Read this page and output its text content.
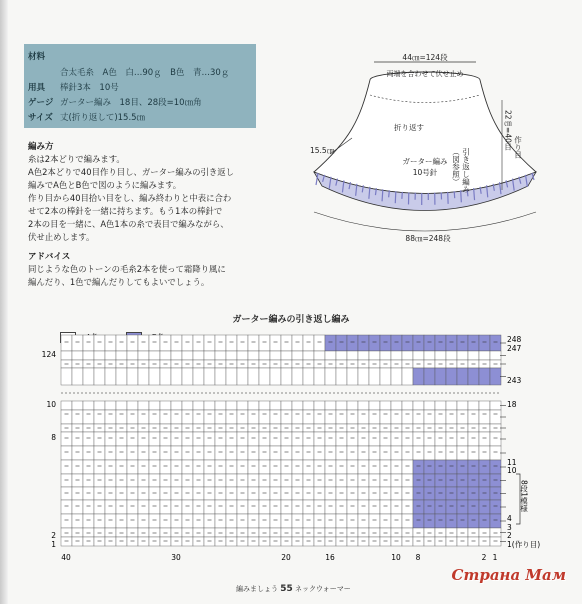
材料
合太毛糸　A色　白…90ｇ　B色　青…30ｇ
用具 棒針3本　10号
ゲージ ガーター編み　18目、28段=10㎝角
サイズ 丈(折り返して)15.5㎝
編み方
糸は2本どりで編みます。
A色2本どりで40目作り目し、ガーター編みの引き返し
編みでA色とB色で図のように編みます。
作り目から40目拾い目をし、編み終わりと中表に合わ
せて2本の棒針を一緒に持ちます。もう1本の棒針で
2本の目を一緒に、A色1本の糸で表目で編みながら、
伏せ止めします。
アドバイス
同じような色のトーンの毛糸2本を使って霜降り風に
編んだり、1色で編んだりしてもよいでしょう。
44㎝=124段
両端を合わせて伏せ止め
折り返す
15.5㎝
ガーター編み
10号針	引き返し編み
（図参照）
22㎝=40目 作り目
88㎝=248段
ガーター編みの引き返し編み
124
10
8
2
1
248
247
243
18
11
10
4
3
2
1(作り目)
8段1模様
40	30	20	16	10 8	2 1
編みましょう 55 ネックウォーマー
Страна Мам
